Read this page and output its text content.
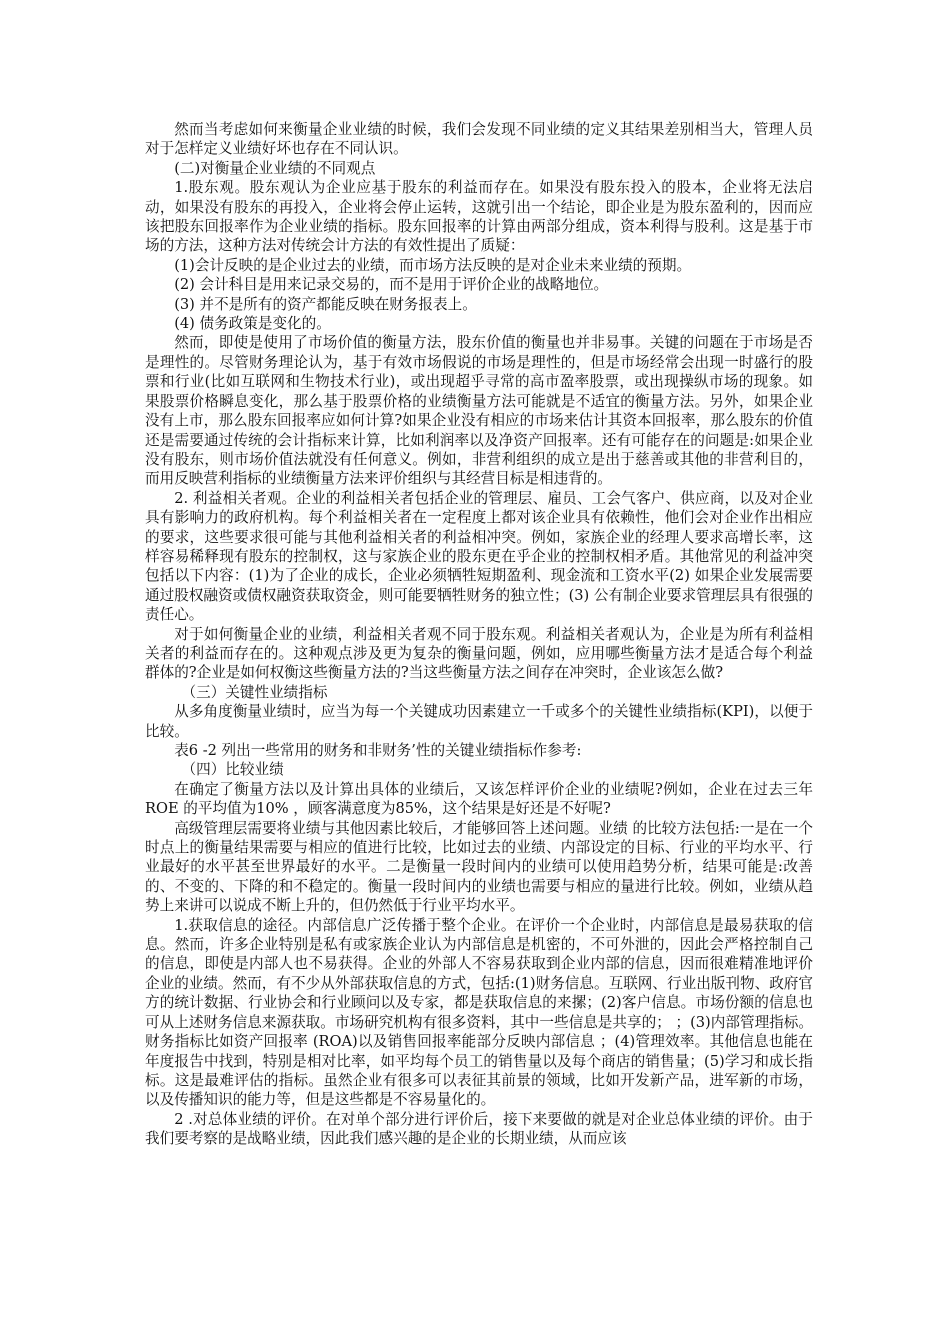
然而当考虑如何来衡量企业业绩的时候，我们会发现不同业绩的定义其结果差别相当大，管理人员对于怎样定义业绩好坏也存在不同认识。

(二)对衡量企业业绩的不同观点

1.股东观。股东观认为企业应基于股东的利益而存在。如果没有股东投入的股本，企业将无法启动，如果没有股东的再投入，企业将会停止运转，这就引出一个结论，即企业是为股东盈利的，因而应该把股东回报率作为企业业绩的指标。股东回报率的计算由两部分组成，资本利得与股利。这是基于市场的方法，这种方法对传统会计方法的有效性提出了质疑：

(1)会计反映的是企业过去的业绩，而市场方法反映的是对企业未来业绩的预期。

(2) 会计科目是用来记录交易的，而不是用于评价企业的战略地位。

(3) 并不是所有的资产都能反映在财务报表上。

(4) 债务政策是变化的。

然而，即使是使用了市场价值的衡量方法，股东价值的衡量也并非易事。关键的问题在于市场是否是理性的。尽管财务理论认为，基于有效市场假说的市场是理性的，但是市场经常会出现一时盛行的股票和行业(比如互联网和生物技术行业)，或出现超乎寻常的高市盈率股票，或出现操纵市场的现象。如果股票价格瞬息变化，那么基于股票价格的业绩衡量方法可能就是不适宜的衡量方法。另外，如果企业没有上市，那么股东回报率应如何计算?如果企业没有相应的市场来估计其资本回报率，那么股东的价值还是需要通过传统的会计指标来计算，比如利润率以及净资产回报率。还有可能存在的问题是:如果企业没有股东，则市场价值法就没有任何意义。例如，非营利组织的成立是出于慈善或其他的非营利目的，而用反映营利指标的业绩衡量方法来评价组织与其经营目标是相违背的。

2. 利益相关者观。企业的利益相关者包括企业的管理层、雇员、工会气客户、供应商，以及对企业具有影响力的政府机构。每个利益相关者在一定程度上都对该企业具有依赖性，他们会对企业作出相应的要求，这些要求很可能与其他利益相关者的利益相冲突。例如，家族企业的经理人要求高增长率，这样容易稀释现有股东的控制权，这与家族企业的股东更在乎企业的控制权相矛盾。其他常见的利益冲突包括以下内容：(1)为了企业的成长，企业必须牺牲短期盈利、现金流和工资水平(2) 如果企业发展需要通过股权融资或债权融资获取资金，则可能要牺牲财务的独立性；(3) 公有制企业要求管理层具有很强的责任心。

对于如何衡量企业的业绩，利益相关者观不同于股东观。利益相关者观认为，企业是为所有利益相关者的利益而存在的。这种观点涉及更为复杂的衡量问题，例如，应用哪些衡量方法才是适合每个利益群体的?企业是如何权衡这些衡量方法的?当这些衡量方法之间存在冲突时，企业该怎么做?

（三）关键性业绩指标

从多角度衡量业绩时，应当为每一个关键成功因素建立一千或多个的关键性业绩指标(KPI)，以便于比较。

表6 -2 列出一些常用的财务和非财务’性的关键业绩指标作参考:

（四）比较业绩

在确定了衡量方法以及计算出具体的业绩后，又该怎样评价企业的业绩呢?例如，企业在过去三年ROE 的平均值为10% ，顾客满意度为85%，这个结果是好还是不好呢?

高级管理层需要将业绩与其他因素比较后，才能够回答上述问题。业绩 的比较方法包括:一是在一个时点上的衡量结果需要与相应的值进行比较，比如过去的业绩、内部设定的目标、行业的平均水平、行业最好的水平甚至世界最好的水平。二是衡量一段时间内的业绩可以使用趋势分析，结果可能是:改善的、不变的、下降的和不稳定的。衡量一段时间内的业绩也需要与相应的量进行比较。例如，业绩从趋势上来讲可以说成不断上升的，但仍然低于行业平均水平。

1.获取信息的途径。内部信息广泛传播于整个企业。在评价一个企业时，内部信息是最易获取的信息。然而，许多企业特别是私有或家族企业认为内部信息是机密的，不可外泄的，因此会严格控制自己的信息，即使是内部人也不易获得。企业的外部人不容易获取到企业内部的信息，因而很难精准地评价企业的业绩。然而，有不少从外部获取信息的方式，包括:(1)财务信息。互联网、行业出版刊物、政府官方的统计数据、行业协会和行业顾问以及专家，都是获取信息的来摞；(2)客户信息。市场份额的信息也可从上述财务信息来源获取。市场研究机构有很多资料，其中一些信息是共享的； ；(3)内部管理指标。财务指标比如资产回报率 (ROA)以及销售回报率能部分反映内部信息 ；(4)管理效率。其他信息也能在年度报告中找到，特别是相对比率，如平均每个员工的销售量以及每个商店的销售量；(5)学习和成长指标。这是最难评估的指标。虽然企业有很多可以表征其前景的领域，比如开发新产品，进军新的市场，以及传播知识的能力等，但是这些都是不容易量化的。

2 .对总体业绩的评价。在对单个部分进行评价后，接下来要做的就是对企业总体业绩的评价。由于我们要考察的是战略业绩，因此我们感兴趣的是企业的长期业绩，从而应该
